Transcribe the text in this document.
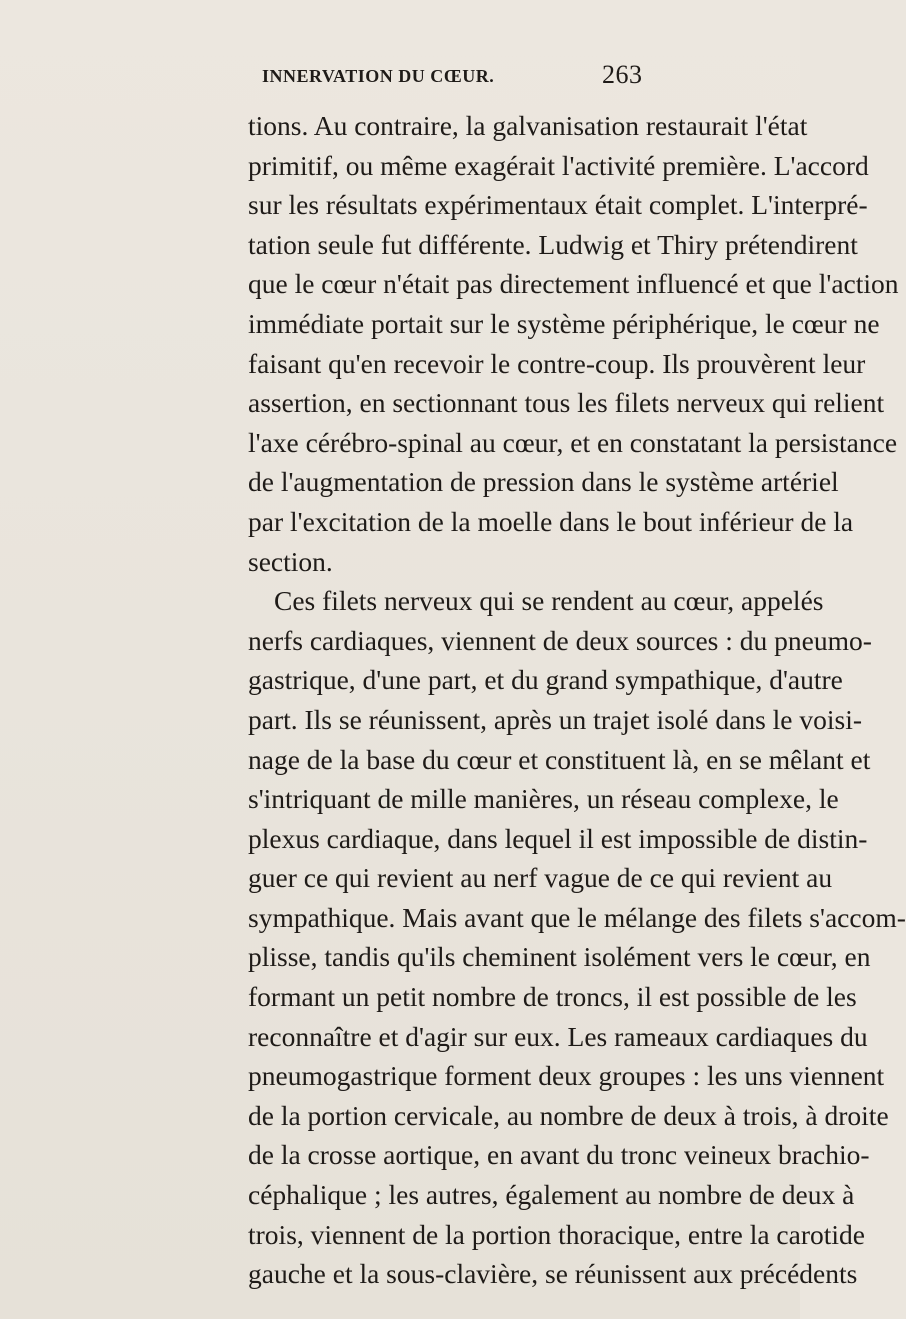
INNERVATION DU CŒUR.	263
tions. Au contraire, la galvanisation restaurait l'état
primitif, ou même exagérait l'activité première. L'accord
sur les résultats expérimentaux était complet. L'interpré-
tation seule fut différente. Ludwig et Thiry prétendirent
que le cœur n'était pas directement influencé et que l'action
immédiate portait sur le système périphérique, le cœur ne
faisant qu'en recevoir le contre-coup. Ils prouvèrent leur
assertion, en sectionnant tous les filets nerveux qui relient
l'axe cérébro-spinal au cœur, et en constatant la persistance
de l'augmentation de pression dans le système artériel
par l'excitation de la moelle dans le bout inférieur de la
section.
Ces filets nerveux qui se rendent au cœur, appelés
nerfs cardiaques, viennent de deux sources : du pneumo-
gastrique, d'une part, et du grand sympathique, d'autre
part. Ils se réunissent, après un trajet isolé dans le voisi-
nage de la base du cœur et constituent là, en se mêlant et
s'intriquant de mille manières, un réseau complexe, le
plexus cardiaque, dans lequel il est impossible de distin-
guer ce qui revient au nerf vague de ce qui revient au
sympathique. Mais avant que le mélange des filets s'accom-
plisse, tandis qu'ils cheminent isolément vers le cœur, en
formant un petit nombre de troncs, il est possible de les
reconnaître et d'agir sur eux. Les rameaux cardiaques du
pneumogastrique forment deux groupes : les uns viennent
de la portion cervicale, au nombre de deux à trois, à droite
de la crosse aortique, en avant du tronc veineux brachio-
céphalique ; les autres, également au nombre de deux à
trois, viennent de la portion thoracique, entre la carotide
gauche et la sous-clavière, se réunissent aux précédents
